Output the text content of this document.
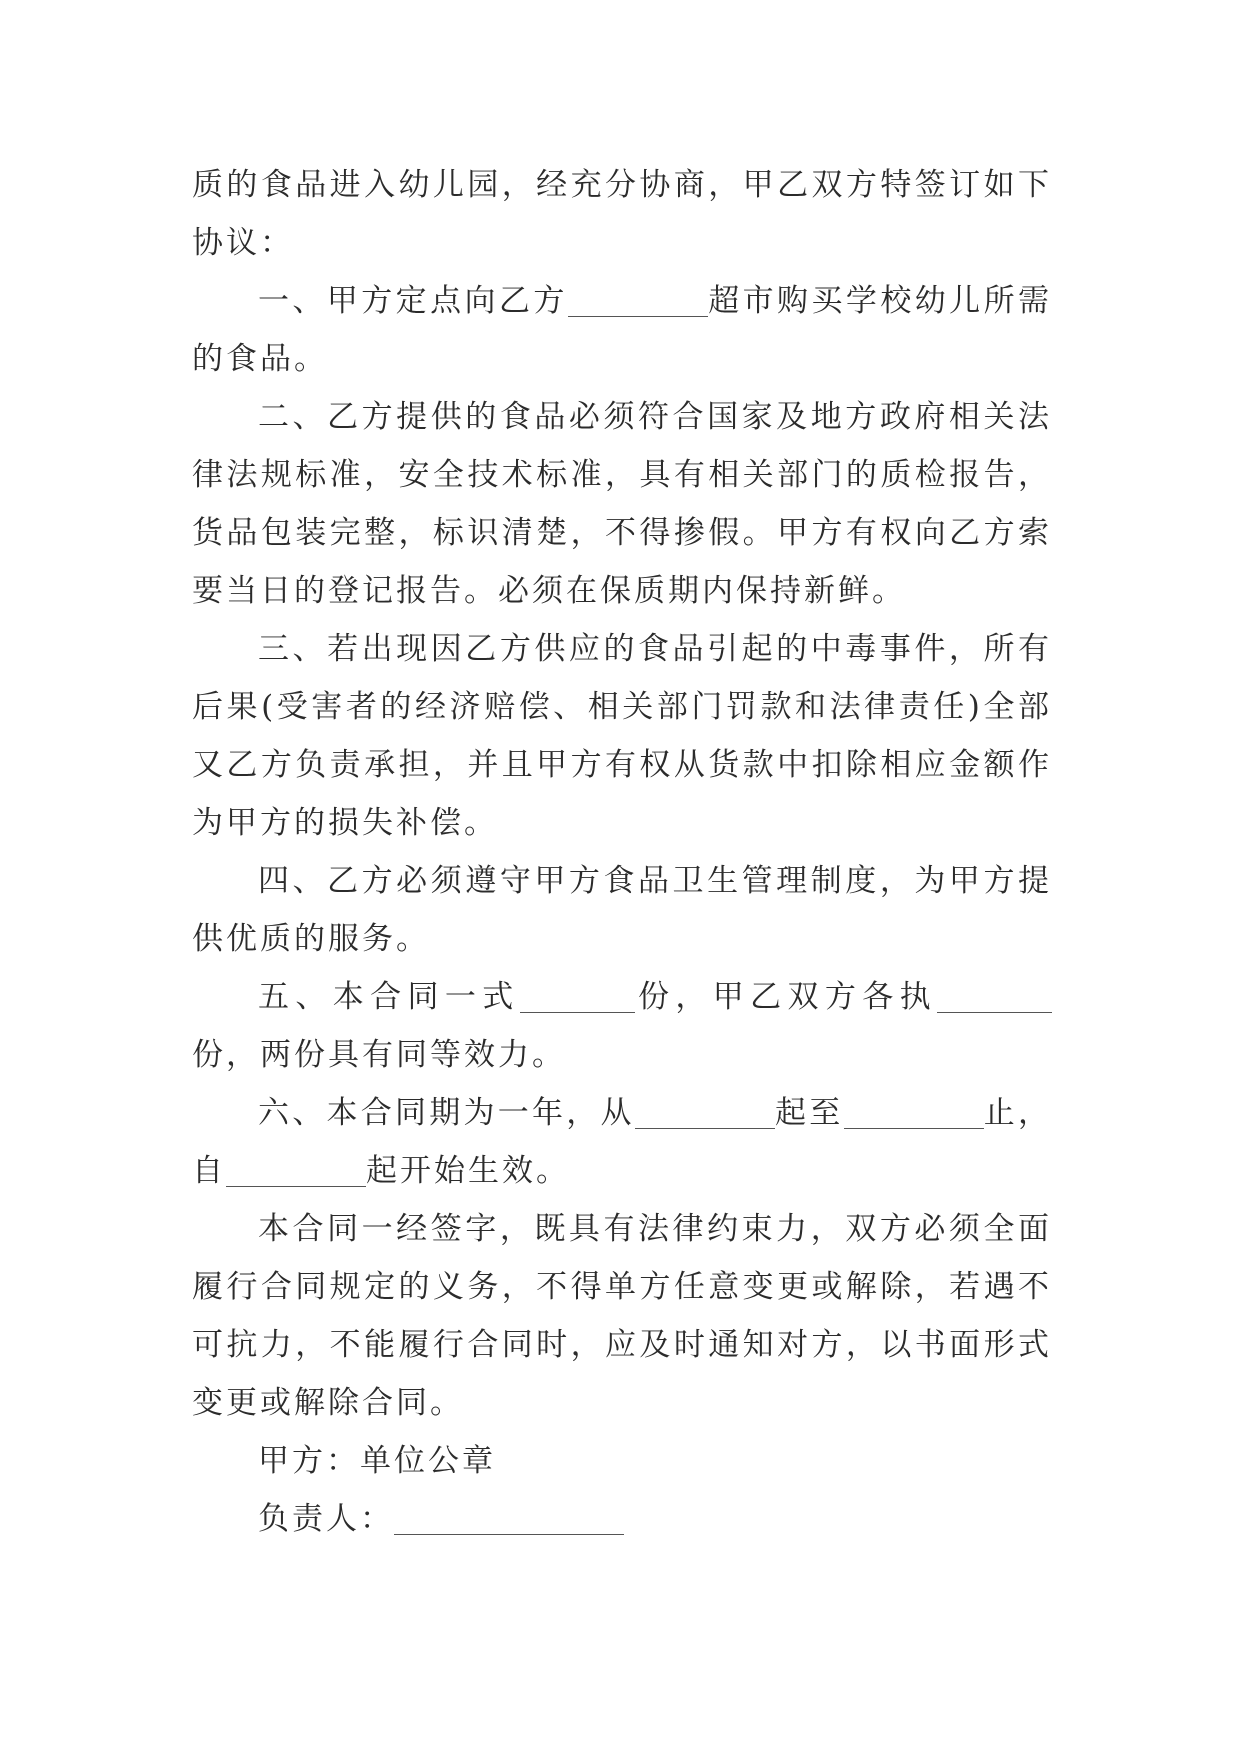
质的食品进入幼儿园，经充分协商，甲乙双方特签订如下协议：

一、甲方定点向乙方	超市购买学校幼儿所需的食品。

二、乙方提供的食品必须符合国家及地方政府相关法律法规标准，安全技术标准，具有相关部门的质检报告，货品包装完整，标识清楚，不得掺假。甲方有权向乙方索要当日的登记报告。必须在保质期内保持新鲜。

三、若出现因乙方供应的食品引起的中毒事件，所有后果(受害者的经济赔偿、相关部门罚款和法律责任)全部又乙方负责承担，并且甲方有权从货款中扣除相应金额作为甲方的损失补偿。

四、乙方必须遵守甲方食品卫生管理制度，为甲方提供优质的服务。

五、本合同一式	份，甲乙双方各执份，两份具有同等效力。

六、本合同期为一年，从	起至	止，自	起开始生效。

本合同一经签字，既具有法律约束力，双方必须全面履行合同规定的义务，不得单方任意变更或解除，若遇不可抗力，不能履行合同时，应及时通知对方，以书面形式变更或解除合同。

甲方：单位公章

负责人：
